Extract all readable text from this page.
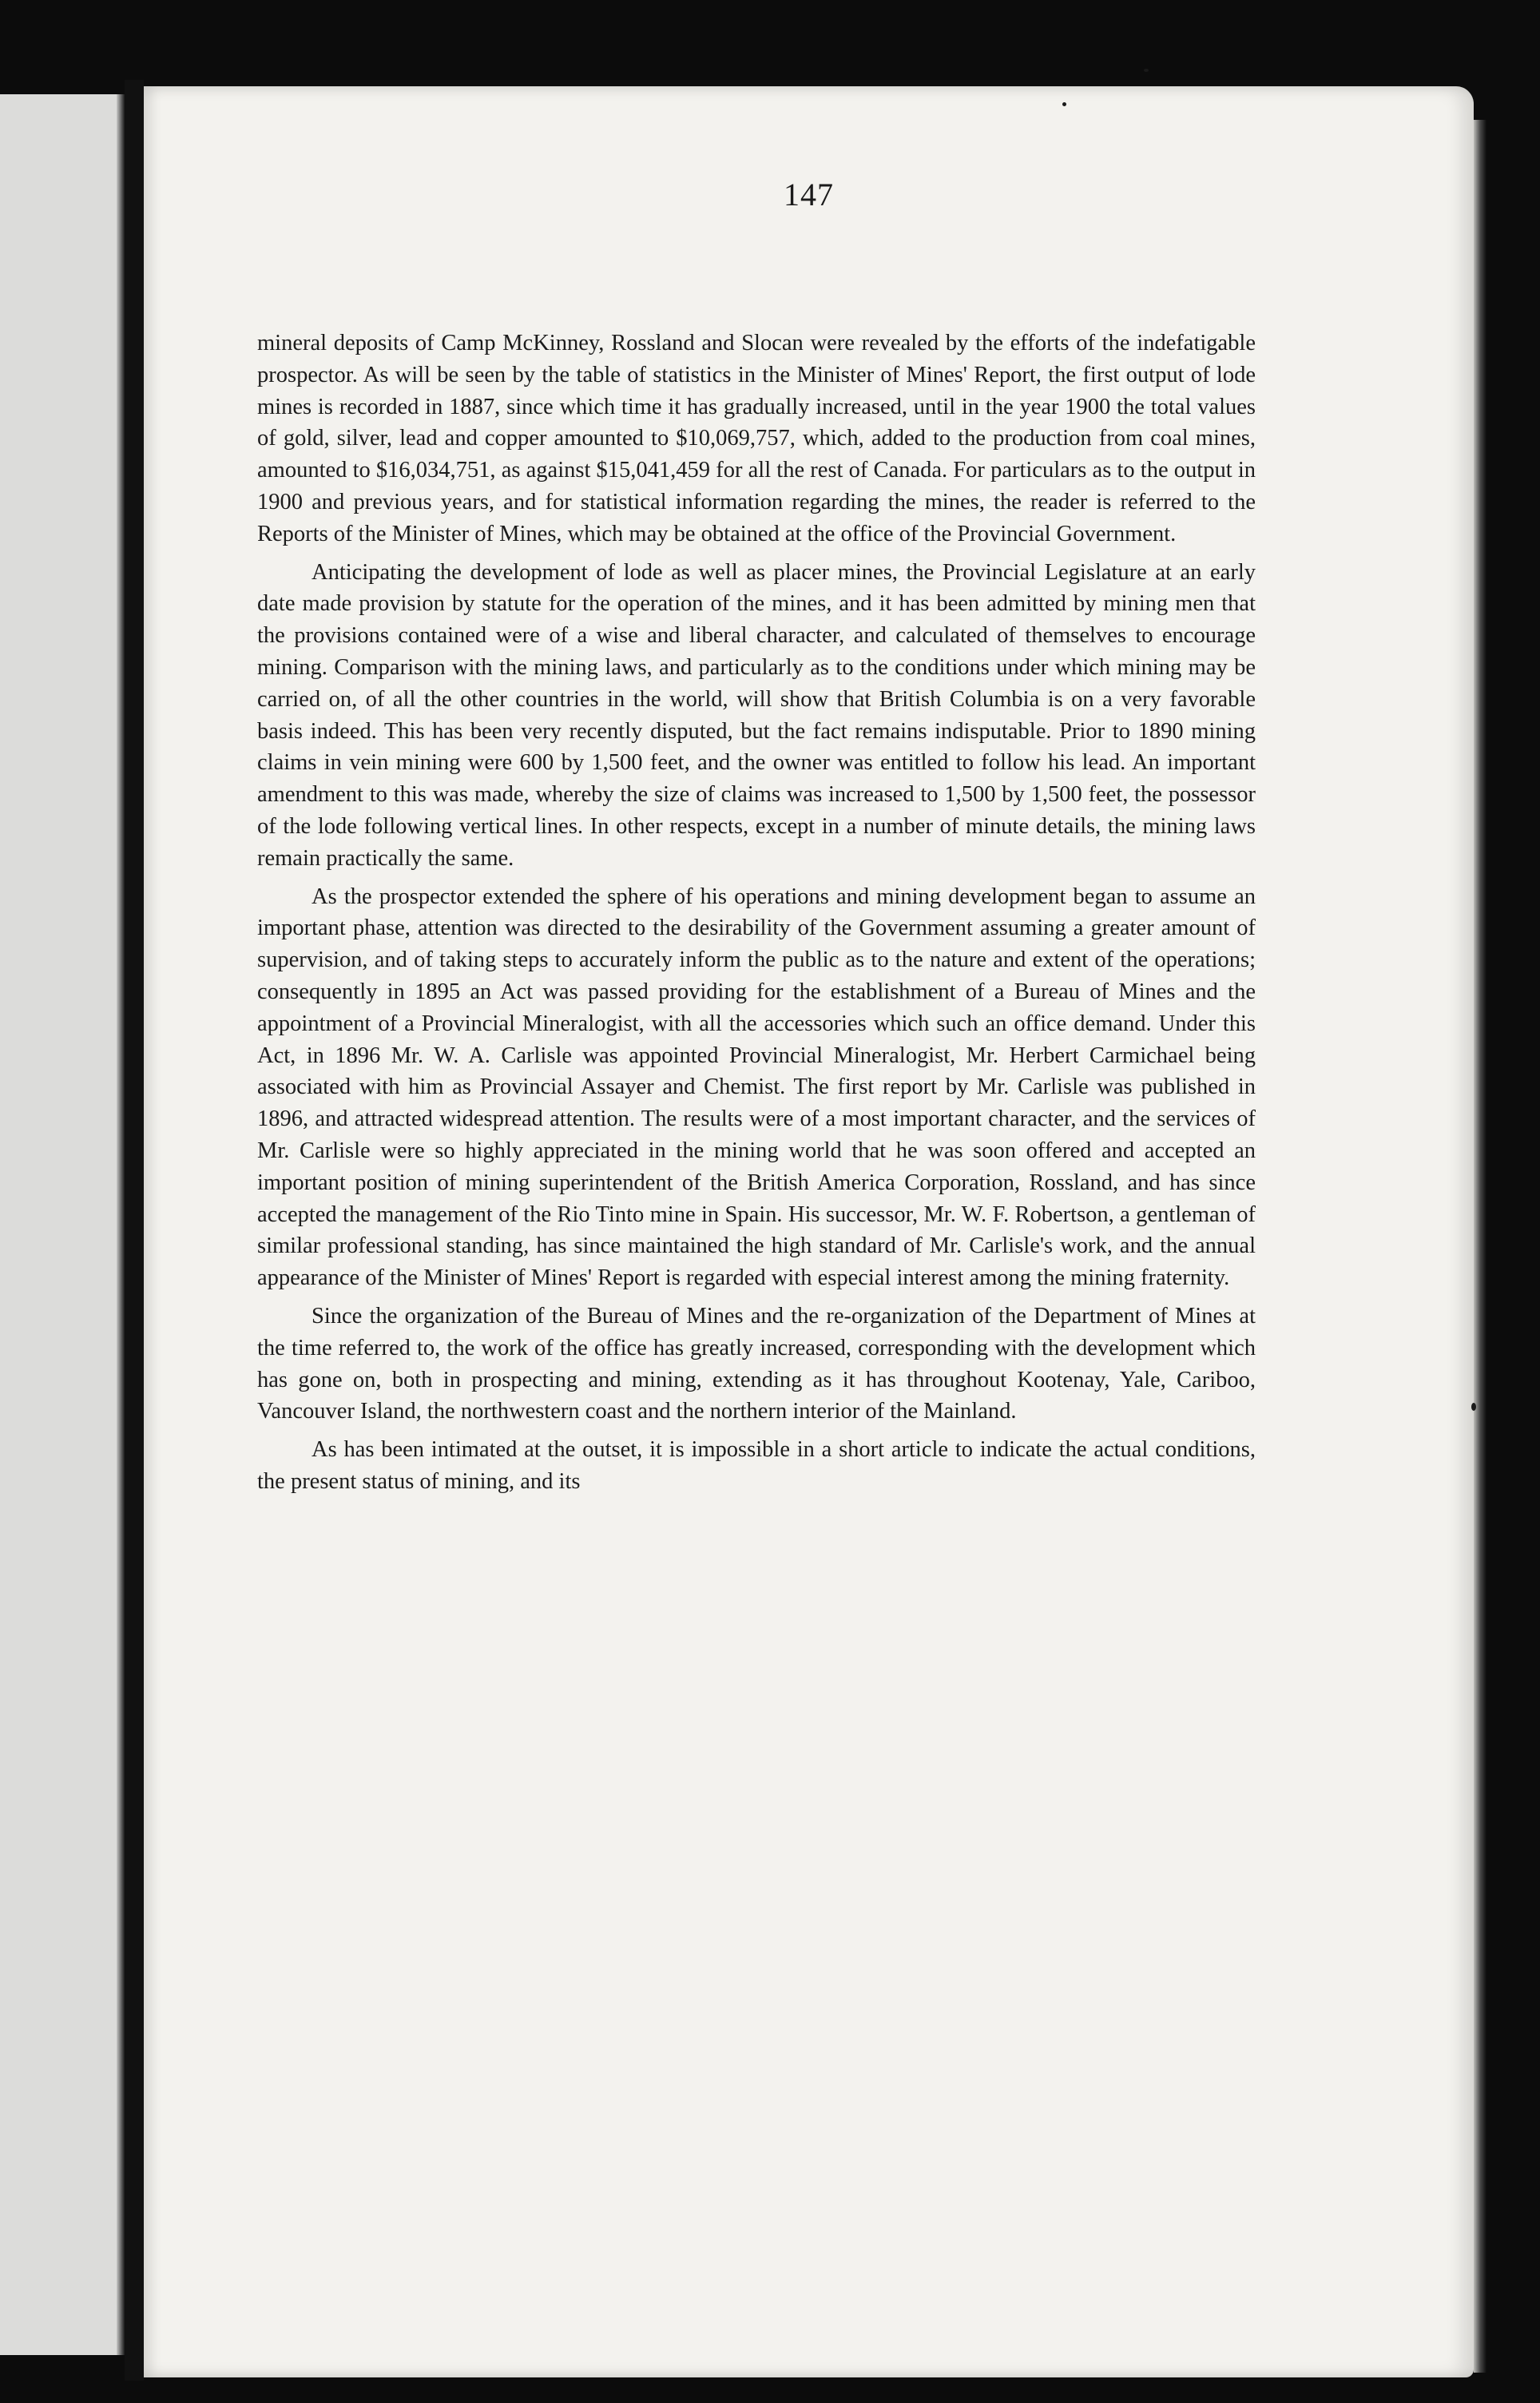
147

mineral deposits of Camp McKinney, Rossland and Slocan were revealed by the efforts of the indefatigable prospector. As will be seen by the table of statistics in the Minister of Mines' Report, the first output of lode mines is recorded in 1887, since which time it has gradually increased, until in the year 1900 the total values of gold, silver, lead and copper amounted to $10,069,757, which, added to the production from coal mines, amounted to $16,034,751, as against $15,041,459 for all the rest of Canada. For particulars as to the output in 1900 and previous years, and for statistical information regarding the mines, the reader is referred to the Reports of the Minister of Mines, which may be obtained at the office of the Provincial Government.

Anticipating the development of lode as well as placer mines, the Provincial Legislature at an early date made provision by statute for the operation of the mines, and it has been admitted by mining men that the provisions contained were of a wise and liberal character, and calculated of themselves to encourage mining. Comparison with the mining laws, and particularly as to the conditions under which mining may be carried on, of all the other countries in the world, will show that British Columbia is on a very favorable basis indeed. This has been very recently disputed, but the fact remains indisputable. Prior to 1890 mining claims in vein mining were 600 by 1,500 feet, and the owner was entitled to follow his lead. An important amendment to this was made, whereby the size of claims was increased to 1,500 by 1,500 feet, the possessor of the lode following vertical lines. In other respects, except in a number of minute details, the mining laws remain practically the same.

As the prospector extended the sphere of his operations and mining development began to assume an important phase, attention was directed to the desirability of the Government assuming a greater amount of supervision, and of taking steps to accurately inform the public as to the nature and extent of the operations; consequently in 1895 an Act was passed providing for the establishment of a Bureau of Mines and the appointment of a Provincial Mineralogist, with all the accessories which such an office demand. Under this Act, in 1896 Mr. W. A. Carlisle was appointed Provincial Mineralogist, Mr. Herbert Carmichael being associated with him as Provincial Assayer and Chemist. The first report by Mr. Carlisle was published in 1896, and attracted widespread attention. The results were of a most important character, and the services of Mr. Carlisle were so highly appreciated in the mining world that he was soon offered and accepted an important position of mining superintendent of the British America Corporation, Rossland, and has since accepted the management of the Rio Tinto mine in Spain. His successor, Mr. W. F. Robertson, a gentleman of similar professional standing, has since maintained the high standard of Mr. Carlisle's work, and the annual appearance of the Minister of Mines' Report is regarded with especial interest among the mining fraternity.

Since the organization of the Bureau of Mines and the re-organization of the Department of Mines at the time referred to, the work of the office has greatly increased, corresponding with the development which has gone on, both in prospecting and mining, extending as it has throughout Kootenay, Yale, Cariboo, Vancouver Island, the northwestern coast and the northern interior of the Mainland.

As has been intimated at the outset, it is impossible in a short article to indicate the actual conditions, the present status of mining, and its
